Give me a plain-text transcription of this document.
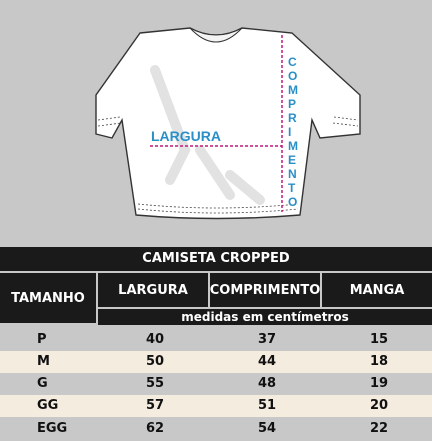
LARGURA
C
O
M
P
R
I
M
E
N
T
O
CAMISETA CROPPED
TAMANHO
LARGURA	COMPRIMENTO	MANGA
medidas em centímetros
P	40	37	15
M	50	44	18
G	55	48	19
GG	57	51	20
EGG	62	54	22
